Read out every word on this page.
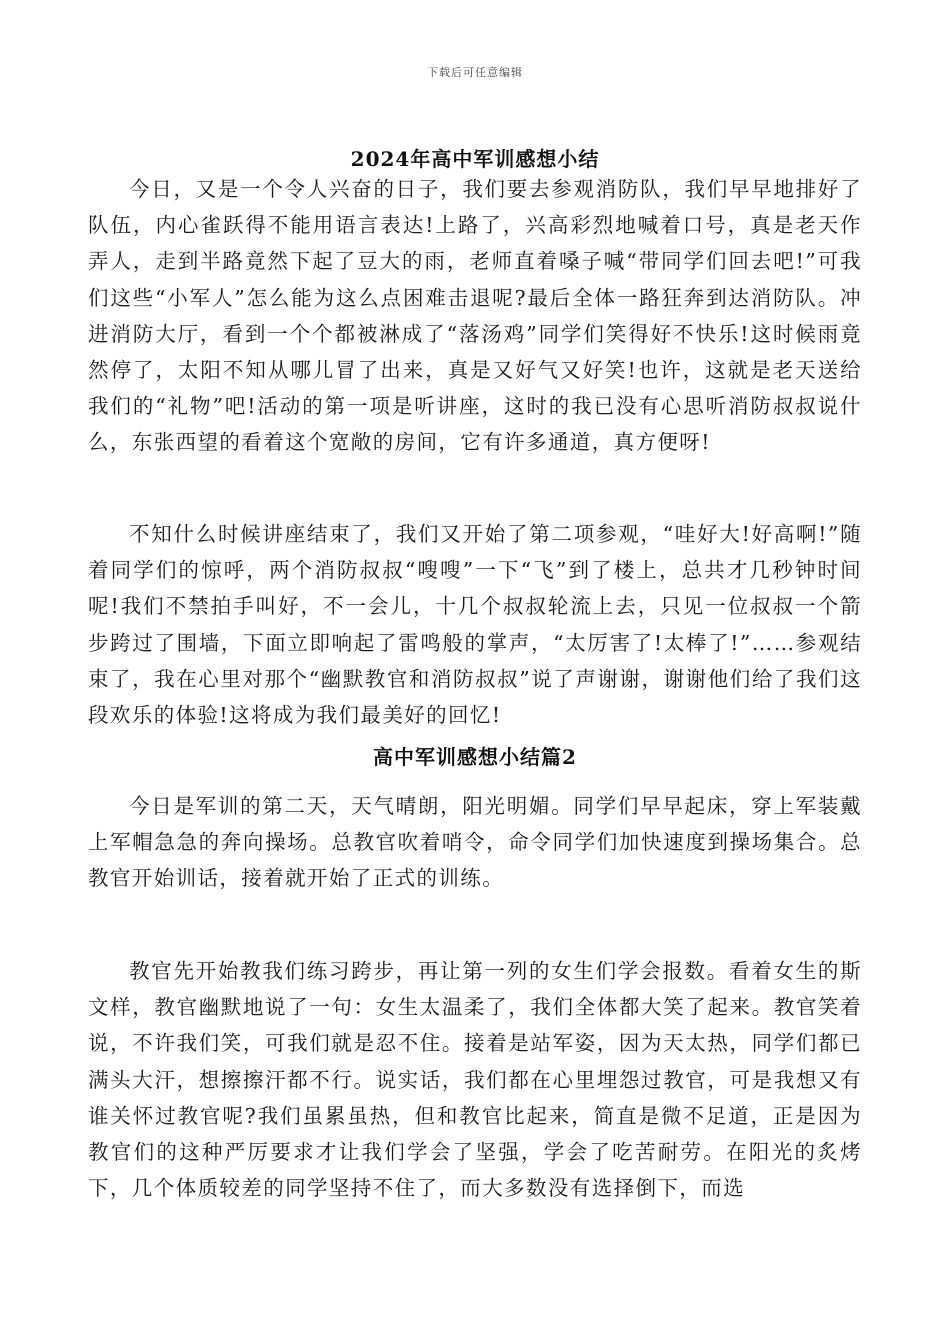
下载后可任意编辑
2024年高中军训感想小结

今日，又是一个令人兴奋的日子，我们要去参观消防队，我们早早地排好了队伍，内心雀跃得不能用语言表达!上路了，兴高彩烈地喊着口号，真是老天作弄人，走到半路竟然下起了豆大的雨，老师直着嗓子喊“带同学们回去吧!”可我们这些“小军人”怎么能为这么点困难击退呢?最后全体一路狂奔到达消防队。冲进消防大厅，看到一个个都被淋成了“落汤鸡”同学们笑得好不快乐!这时候雨竟然停了，太阳不知从哪儿冒了出来，真是又好气又好笑!也许，这就是老天送给我们的“礼物”吧!活动的第一项是听讲座，这时的我已没有心思听消防叔叔说什么，东张西望的看着这个宽敞的房间，它有许多通道，真方便呀!

不知什么时候讲座结束了，我们又开始了第二项参观，“哇好大!好高啊!”随着同学们的惊呼，两个消防叔叔“嗖嗖”一下“飞”到了楼上，总共才几秒钟时间呢!我们不禁拍手叫好，不一会儿，十几个叔叔轮流上去，只见一位叔叔一个箭步跨过了围墙，下面立即响起了雷鸣般的掌声，“太厉害了!太棒了!”……参观结束了，我在心里对那个“幽默教官和消防叔叔”说了声谢谢，谢谢他们给了我们这段欢乐的体验!这将成为我们最美好的回忆!

高中军训感想小结篇2

今日是军训的第二天，天气晴朗，阳光明媚。同学们早早起床，穿上军装戴上军帽急急的奔向操场。总教官吹着哨令，命令同学们加快速度到操场集合。总教官开始训话，接着就开始了正式的训练。

教官先开始教我们练习跨步，再让第一列的女生们学会报数。看着女生的斯文样，教官幽默地说了一句：女生太温柔了，我们全体都大笑了起来。教官笑着说，不许我们笑，可我们就是忍不住。接着是站军姿，因为天太热，同学们都已满头大汗，想擦擦汗都不行。说实话，我们都在心里埋怨过教官，可是我想又有谁关怀过教官呢?我们虽累虽热，但和教官比起来，简直是微不足道，正是因为教官们的这种严厉要求才让我们学会了坚强，学会了吃苦耐劳。在阳光的炙烤下，几个体质较差的同学坚持不住了，而大多数没有选择倒下，而选
